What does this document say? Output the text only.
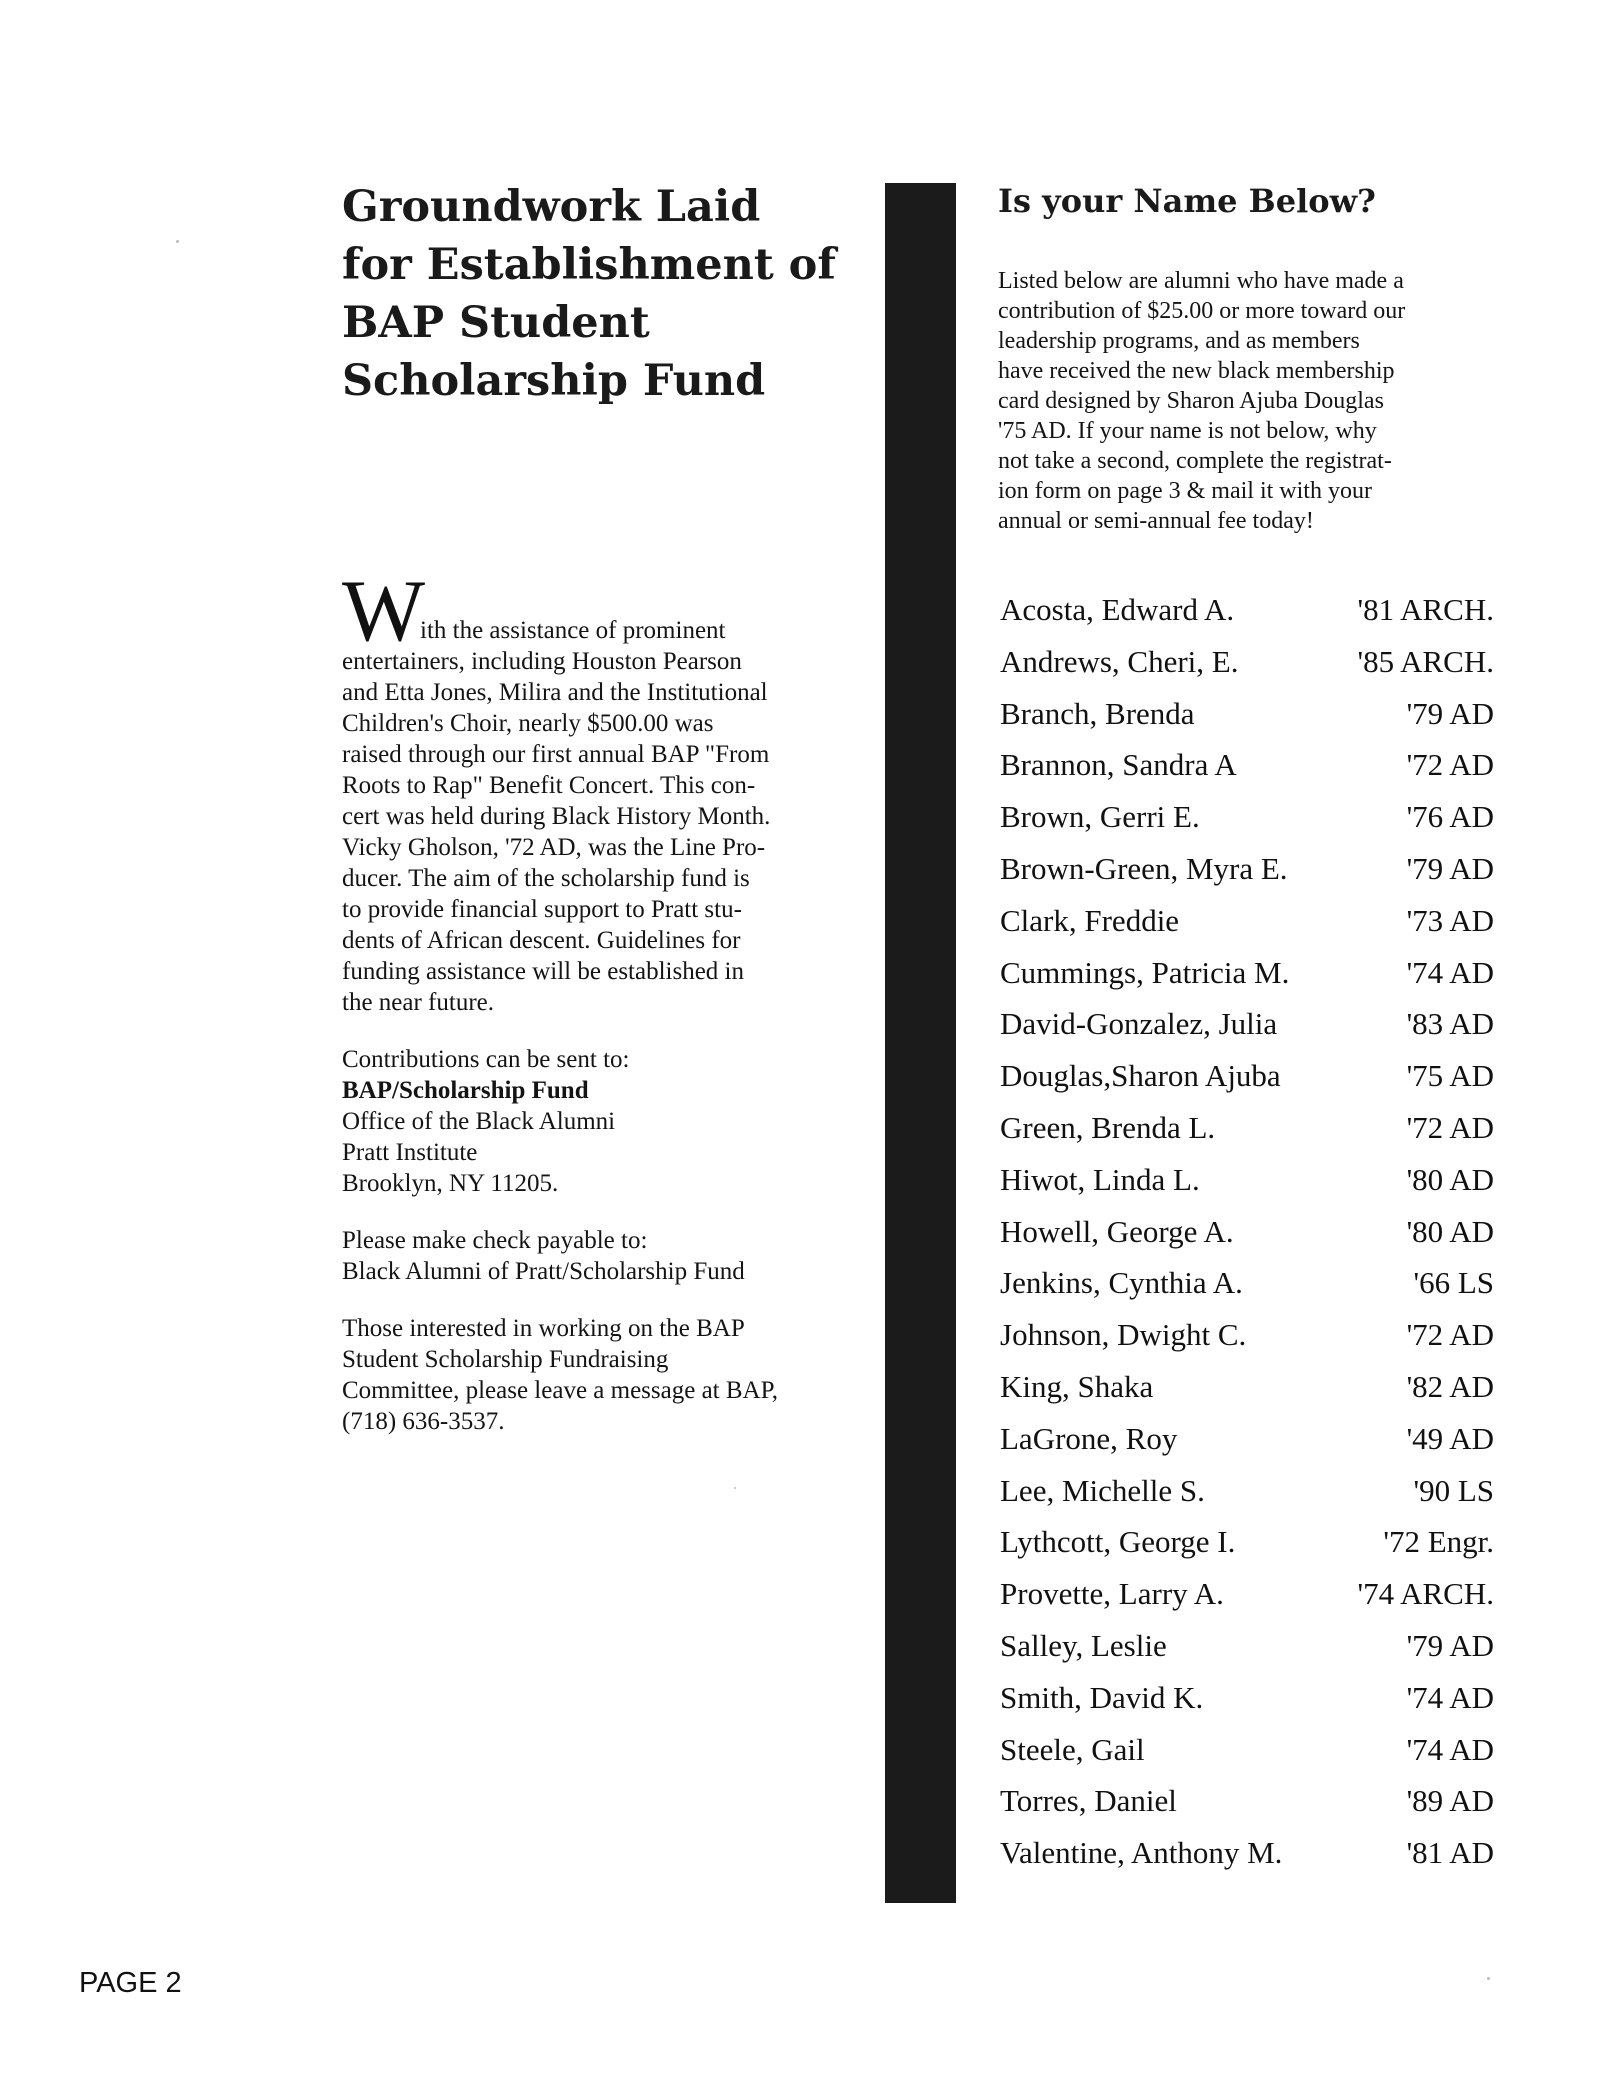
Groundwork Laid
for Establishment of
BAP Student
Scholarship Fund
W
ith the assistance of prominent
entertainers, including Houston Pearson
and Etta Jones, Milira and the Institutional
Children's Choir, nearly $500.00 was
raised through our first annual BAP "From
Roots to Rap" Benefit Concert. This con-
cert was held during Black History Month.
Vicky Gholson, '72 AD, was the Line Pro-
ducer. The aim of the scholarship fund is
to provide financial support to Pratt stu-
dents of African descent. Guidelines for
funding assistance will be established in
the near future.
Contributions can be sent to:
BAP/Scholarship Fund
Office of the Black Alumni
Pratt Institute
Brooklyn, NY 11205.
Please make check payable to:
Black Alumni of Pratt/Scholarship Fund
Those interested in working on the BAP
Student Scholarship Fundraising
Committee, please leave a message at BAP,
(718) 636-3537.
Is your Name Below?
Listed below are alumni who have made a
contribution of $25.00 or more toward our
leadership programs, and as members
have received the new black membership
card designed by Sharon Ajuba Douglas
'75 AD. If your name is not below, why
not take a second, complete the registrat-
ion form on page 3 & mail it with your
annual or semi-annual fee today!
Acosta, Edward A.	'81 ARCH.
Andrews, Cheri, E.	'85 ARCH.
Branch, Brenda	'79 AD
Brannon, Sandra A	'72 AD
Brown, Gerri E.	'76 AD
Brown-Green, Myra E.	'79 AD
Clark, Freddie	'73 AD
Cummings, Patricia M.	'74 AD
David-Gonzalez, Julia	'83 AD
Douglas,Sharon Ajuba	'75 AD
Green, Brenda L.	'72 AD
Hiwot, Linda L.	'80 AD
Howell, George A.	'80 AD
Jenkins, Cynthia A.	'66 LS
Johnson, Dwight C.	'72 AD
King, Shaka	'82 AD
LaGrone, Roy	'49 AD
Lee, Michelle S.	'90 LS
Lythcott, George I.	'72 Engr.
Provette, Larry A.	'74 ARCH.
Salley, Leslie	'79 AD
Smith, David K.	'74 AD
Steele, Gail	'74 AD
Torres, Daniel	'89 AD
Valentine, Anthony M.	'81 AD
PAGE 2
